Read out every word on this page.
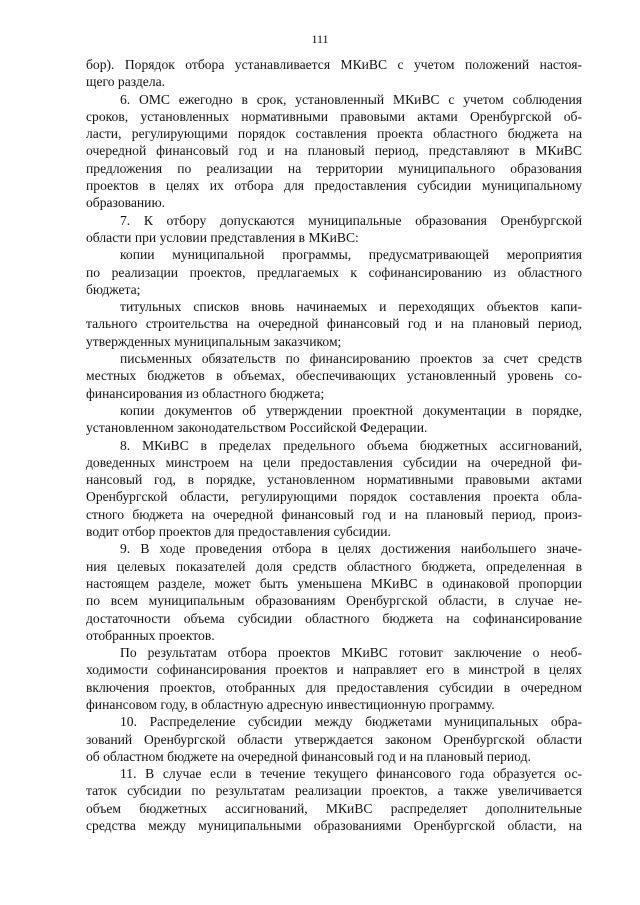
111
бор). Порядок отбора устанавливается МКиВС с учетом положений настоя-
щего раздела.
6. ОМС ежегодно в срок, установленный МКиВС с учетом соблюдения
сроков, установленных нормативными правовыми актами Оренбургской об-
ласти, регулирующими порядок составления проекта областного бюджета на
очередной финансовый год и на плановый период, представляют в МКиВС
предложения по реализации на территории муниципального образования
проектов в целях их отбора для предоставления субсидии муниципальному
образованию.
7. К отбору допускаются муниципальные образования Оренбургской
области при условии представления в МКиВС:
копии муниципальной программы, предусматривающей мероприятия
по реализации проектов, предлагаемых к софинансированию из областного
бюджета;
титульных списков вновь начинаемых и переходящих объектов капи-
тального строительства на очередной финансовый год и на плановый период,
утвержденных муниципальным заказчиком;
письменных обязательств по финансированию проектов за счет средств
местных бюджетов в объемах, обеспечивающих установленный уровень со-
финансирования из областного бюджета;
копии документов об утверждении проектной документации в порядке,
установленном законодательством Российской Федерации.
8. МКиВС в пределах предельного объема бюджетных ассигнований,
доведенных минстроем на цели предоставления субсидии на очередной фи-
нансовый год, в порядке, установленном нормативными правовыми актами
Оренбургской области, регулирующими порядок составления проекта обла-
стного бюджета на очередной финансовый год и на плановый период, произ-
водит отбор проектов для предоставления субсидии.
9. В ходе проведения отбора в целях достижения наибольшего значе-
ния целевых показателей доля средств областного бюджета, определенная в
настоящем разделе, может быть уменьшена МКиВС в одинаковой пропорции
по всем муниципальным образованиям Оренбургской области, в случае не-
достаточности объема субсидии областного бюджета на софинансирование
отобранных проектов.
По результатам отбора проектов МКиВС готовит заключение о необ-
ходимости софинансирования проектов и направляет его в минстрой в целях
включения проектов, отобранных для предоставления субсидии в очередном
финансовом году, в областную адресную инвестиционную программу.
10. Распределение субсидии между бюджетами муниципальных обра-
зований Оренбургской области утверждается законом Оренбургской области
об областном бюджете на очередной финансовый год и на плановый период.
11. В случае если в течение текущего финансового года образуется ос-
таток субсидии по результатам реализации проектов, а также увеличивается
объем бюджетных ассигнований, МКиВС распределяет дополнительные
средства между муниципальными образованиями Оренбургской области, на
